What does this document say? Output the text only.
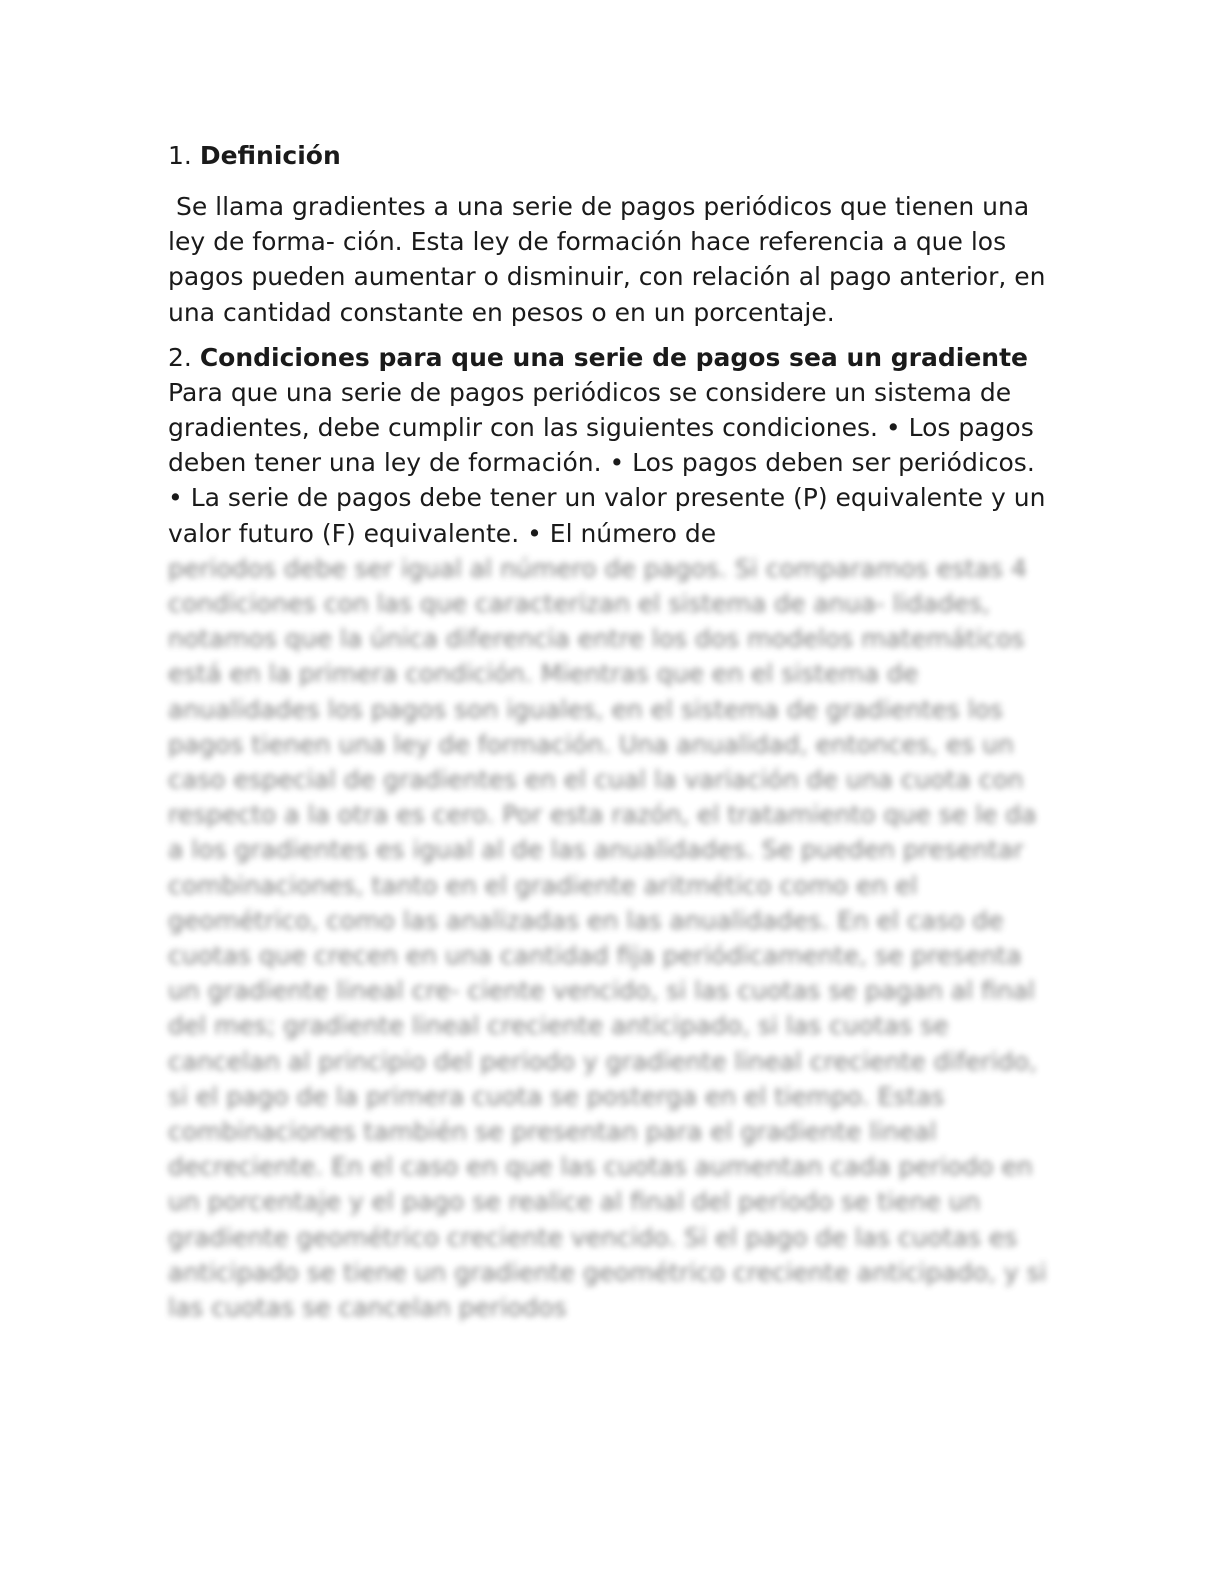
1. Definición

Se llama gradientes a una serie de pagos periódicos que tienen una ley de forma- ción. Esta ley de formación hace referencia a que los pagos pueden aumentar o disminuir, con relación al pago anterior, en una cantidad constante en pesos o en un porcentaje.

2. Condiciones para que una serie de pagos sea un gradiente

Para que una serie de pagos periódicos se considere un sistema de gradientes, debe cumplir con las siguientes condiciones. • Los pagos deben tener una ley de formación. • Los pagos deben ser periódicos. • La serie de pagos debe tener un valor presente (P) equivalente y un valor futuro (F) equivalente. • El número de

periodos debe ser igual al número de pagos. Si comparamos estas 4 condiciones con las que caracterizan el sistema de anua- lidades, notamos que la única diferencia entre los dos modelos matemáticos está en la primera condición. Mientras que en el sistema de anualidades los pagos son iguales, en el sistema de gradientes los pagos tienen una ley de formación. Una anualidad, entonces, es un caso especial de gradientes en el cual la variación de una cuota con respecto a la otra es cero. Por esta razón, el tratamiento que se le da a los gradientes es igual al de las anualidades. Se pueden presentar combinaciones, tanto en el gradiente aritmético como en el geométrico, como las analizadas en las anualidades. En el caso de cuotas que crecen en una cantidad fija periódicamente, se presenta un gradiente lineal cre- ciente vencido, si las cuotas se pagan al final del mes; gradiente lineal creciente anticipado, si las cuotas se cancelan al principio del periodo y gradiente lineal creciente diferido, si el pago de la primera cuota se posterga en el tiempo. Estas combinaciones también se presentan para el gradiente lineal decreciente. En el caso en que las cuotas aumentan cada periodo en un porcentaje y el pago se realice al final del periodo se tiene un gradiente geométrico creciente vencido. Si el pago de las cuotas es anticipado se tiene un gradiente geométrico creciente anticipado, y si las cuotas se cancelan periodos
